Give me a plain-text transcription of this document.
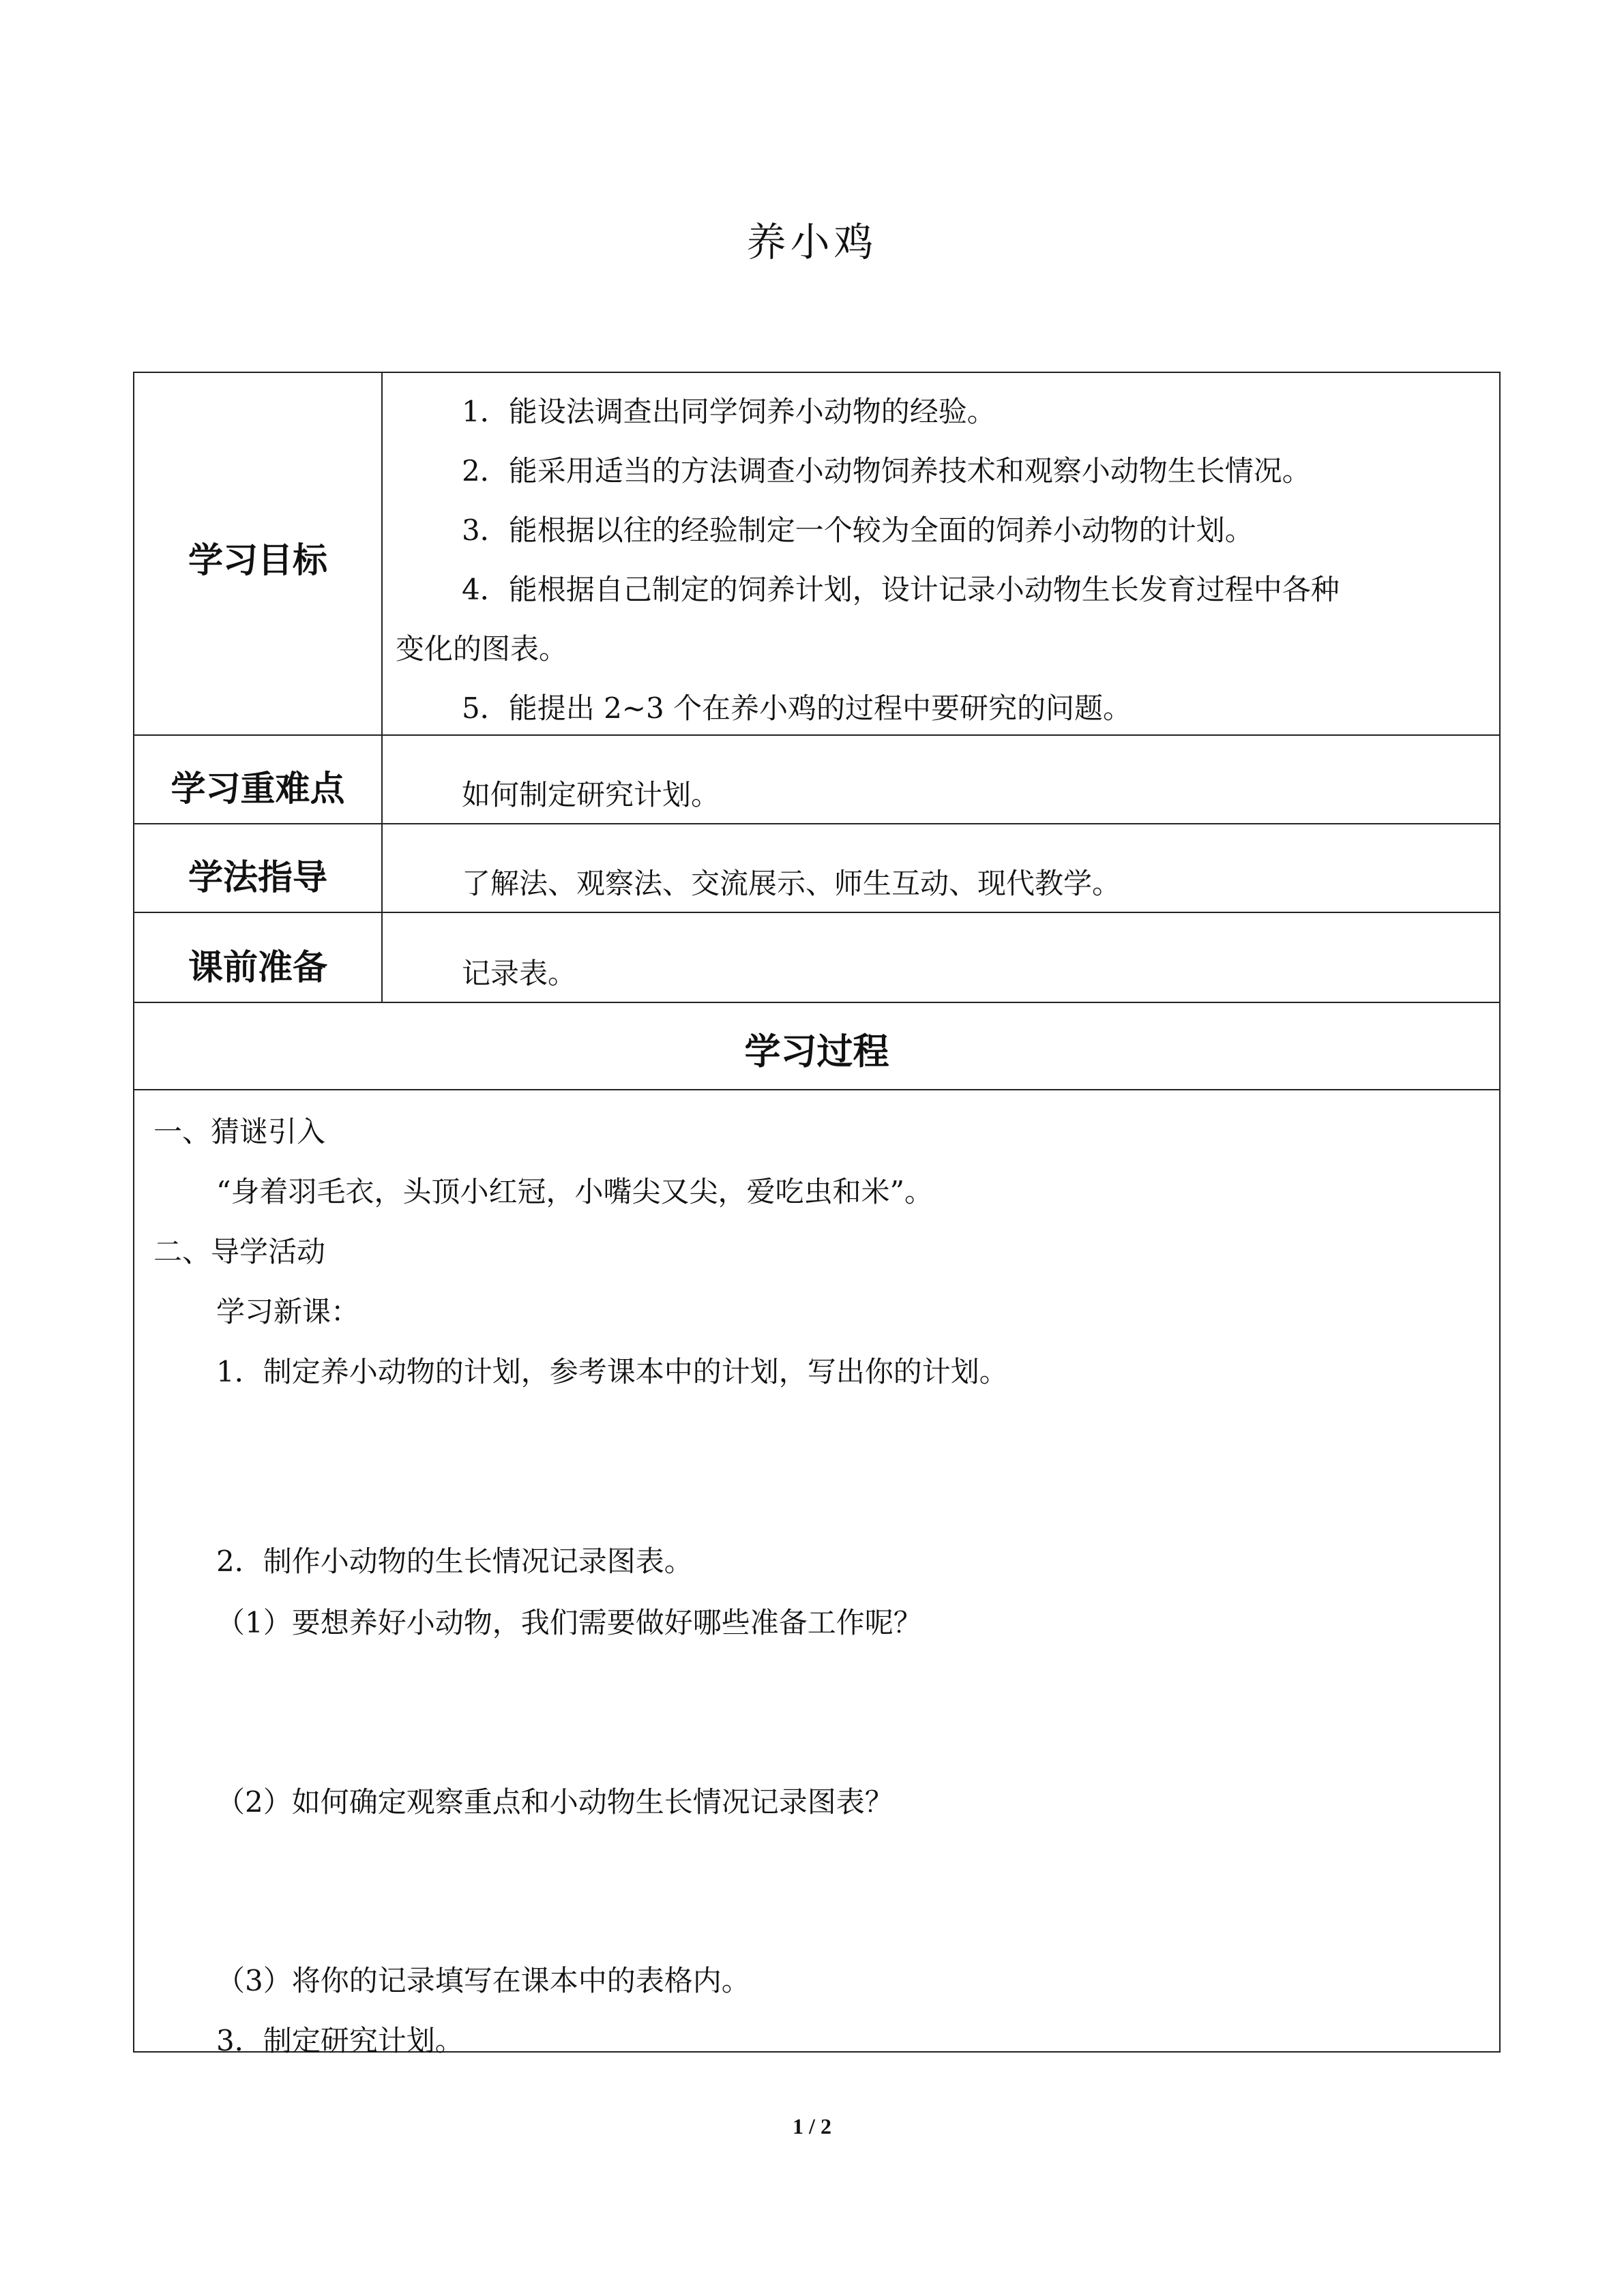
养小鸡
学习目标
1．能设法调查出同学饲养小动物的经验。
2．能采用适当的方法调查小动物饲养技术和观察小动物生长情况。
3．能根据以往的经验制定一个较为全面的饲养小动物的计划。
4．能根据自己制定的饲养计划，设计记录小动物生长发育过程中各种
变化的图表。
5．能提出 2~3 个在养小鸡的过程中要研究的问题。
学习重难点	如何制定研究计划。
学法指导	了解法、观察法、交流展示、师生互动、现代教学。
课前准备	记录表。
学习过程
一、猜谜引入
“身着羽毛衣，头顶小红冠，小嘴尖又尖，爱吃虫和米”。
二、导学活动
学习新课：
1．制定养小动物的计划，参考课本中的计划，写出你的计划。
2．制作小动物的生长情况记录图表。
（1）要想养好小动物，我们需要做好哪些准备工作呢？
（2）如何确定观察重点和小动物生长情况记录图表？
（3）将你的记录填写在课本中的表格内。
3．制定研究计划。
1 / 2
